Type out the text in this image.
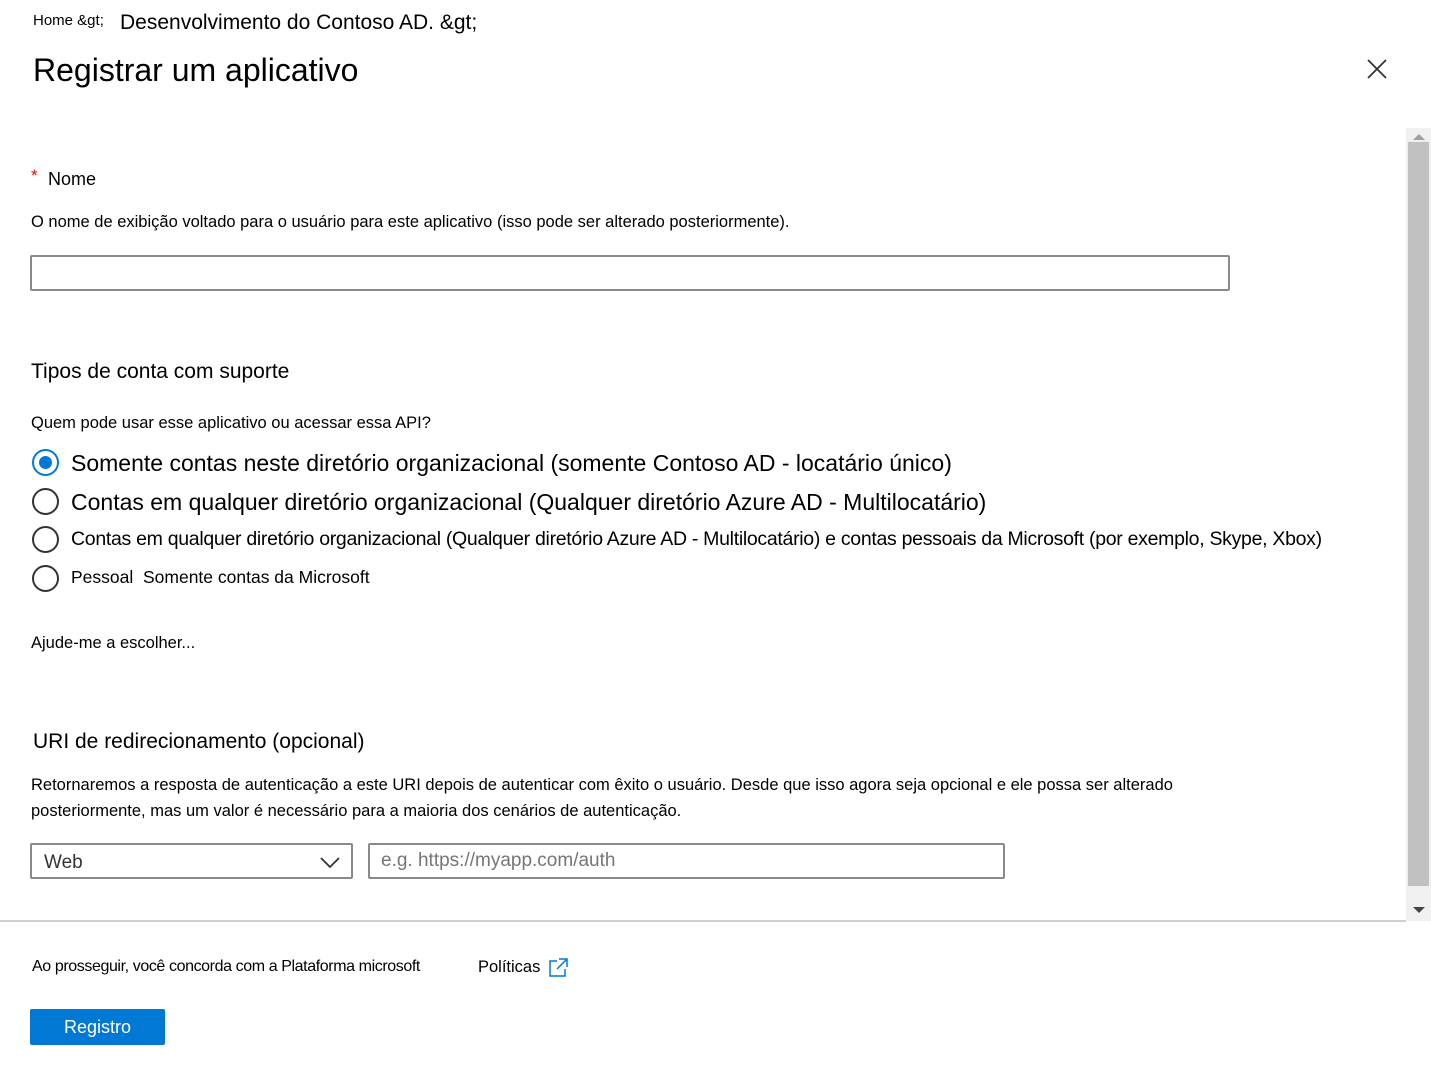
Home &gt; Desenvolvimento do Contoso AD. &gt;
Registrar um aplicativo
* Nome
O nome de exibição voltado para o usuário para este aplicativo (isso pode ser alterado posteriormente).
Tipos de conta com suporte
Quem pode usar esse aplicativo ou acessar essa API?
Somente contas neste diretório organizacional (somente Contoso AD - locatário único)
Contas em qualquer diretório organizacional (Qualquer diretório Azure AD - Multilocatário)
Contas em qualquer diretório organizacional (Qualquer diretório Azure AD - Multilocatário) e contas pessoais da Microsoft (por exemplo, Skype, Xbox)
Pessoal  Somente contas da Microsoft
Ajude-me a escolher...
URI de redirecionamento (opcional)
Retornaremos a resposta de autenticação a este URI depois de autenticar com êxito o usuário. Desde que isso agora seja opcional e ele possa ser alterado
posteriormente, mas um valor é necessário para a maioria dos cenários de autenticação.
Web
e.g. https://myapp.com/auth
Ao prosseguir, você concorda com a Plataforma microsoft	Políticas
Registro
